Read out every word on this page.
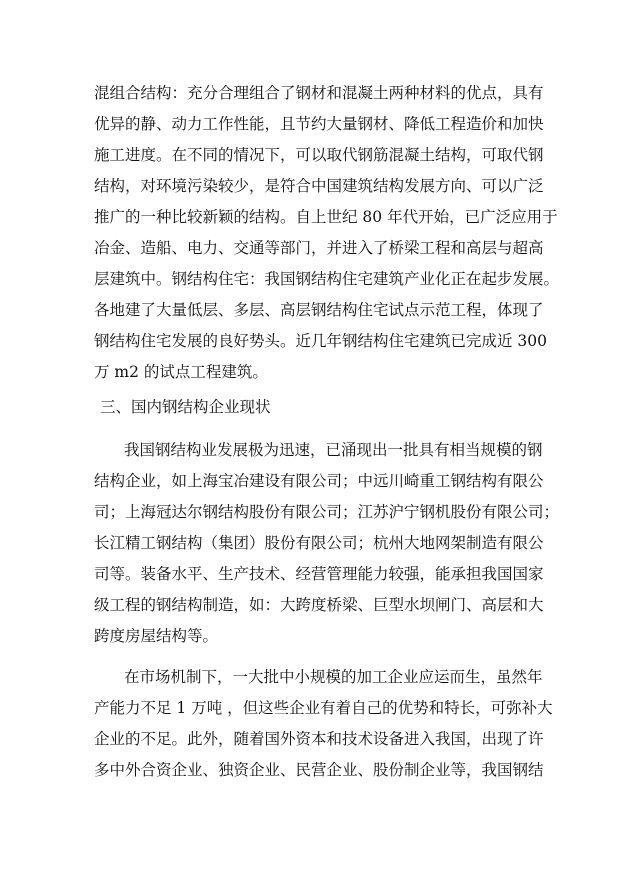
混组合结构：充分合理组合了钢材和混凝土两种材料的优点，具有
优异的静、动力工作性能，且节约大量钢材、降低工程造价和加快
施工进度。在不同的情况下，可以取代钢筋混凝土结构，可取代钢
结构，对环境污染较少，是符合中国建筑结构发展方向、可以广泛
推广的一种比较新颖的结构。自上世纪 80 年代开始，已广泛应用于
冶金、造船、电力、交通等部门，并进入了桥梁工程和高层与超高
层建筑中。钢结构住宅：我国钢结构住宅建筑产业化正在起步发展。
各地建了大量低层、多层、高层钢结构住宅试点示范工程，体现了
钢结构住宅发展的良好势头。近几年钢结构住宅建筑已完成近 300
万 m2 的试点工程建筑。
三、国内钢结构企业现状
我国钢结构业发展极为迅速，已涌现出一批具有相当规模的钢
结构企业，如上海宝冶建设有限公司；中远川崎重工钢结构有限公
司；上海冠达尔钢结构股份有限公司；江苏沪宁钢机股份有限公司；
长江精工钢结构（集团）股份有限公司；杭州大地网架制造有限公
司等。装备水平、生产技术、经营管理能力较强，能承担我国国家
级工程的钢结构制造，如：大跨度桥梁、巨型水坝闸门、高层和大
跨度房屋结构等。
在市场机制下，一大批中小规模的加工企业应运而生，虽然年
产能力不足 1 万吨 ，但这些企业有着自己的优势和特长，可弥补大
企业的不足。此外，随着国外资本和技术设备进入我国，出现了许
多中外合资企业、独资企业、民营企业、股份制企业等，我国钢结
